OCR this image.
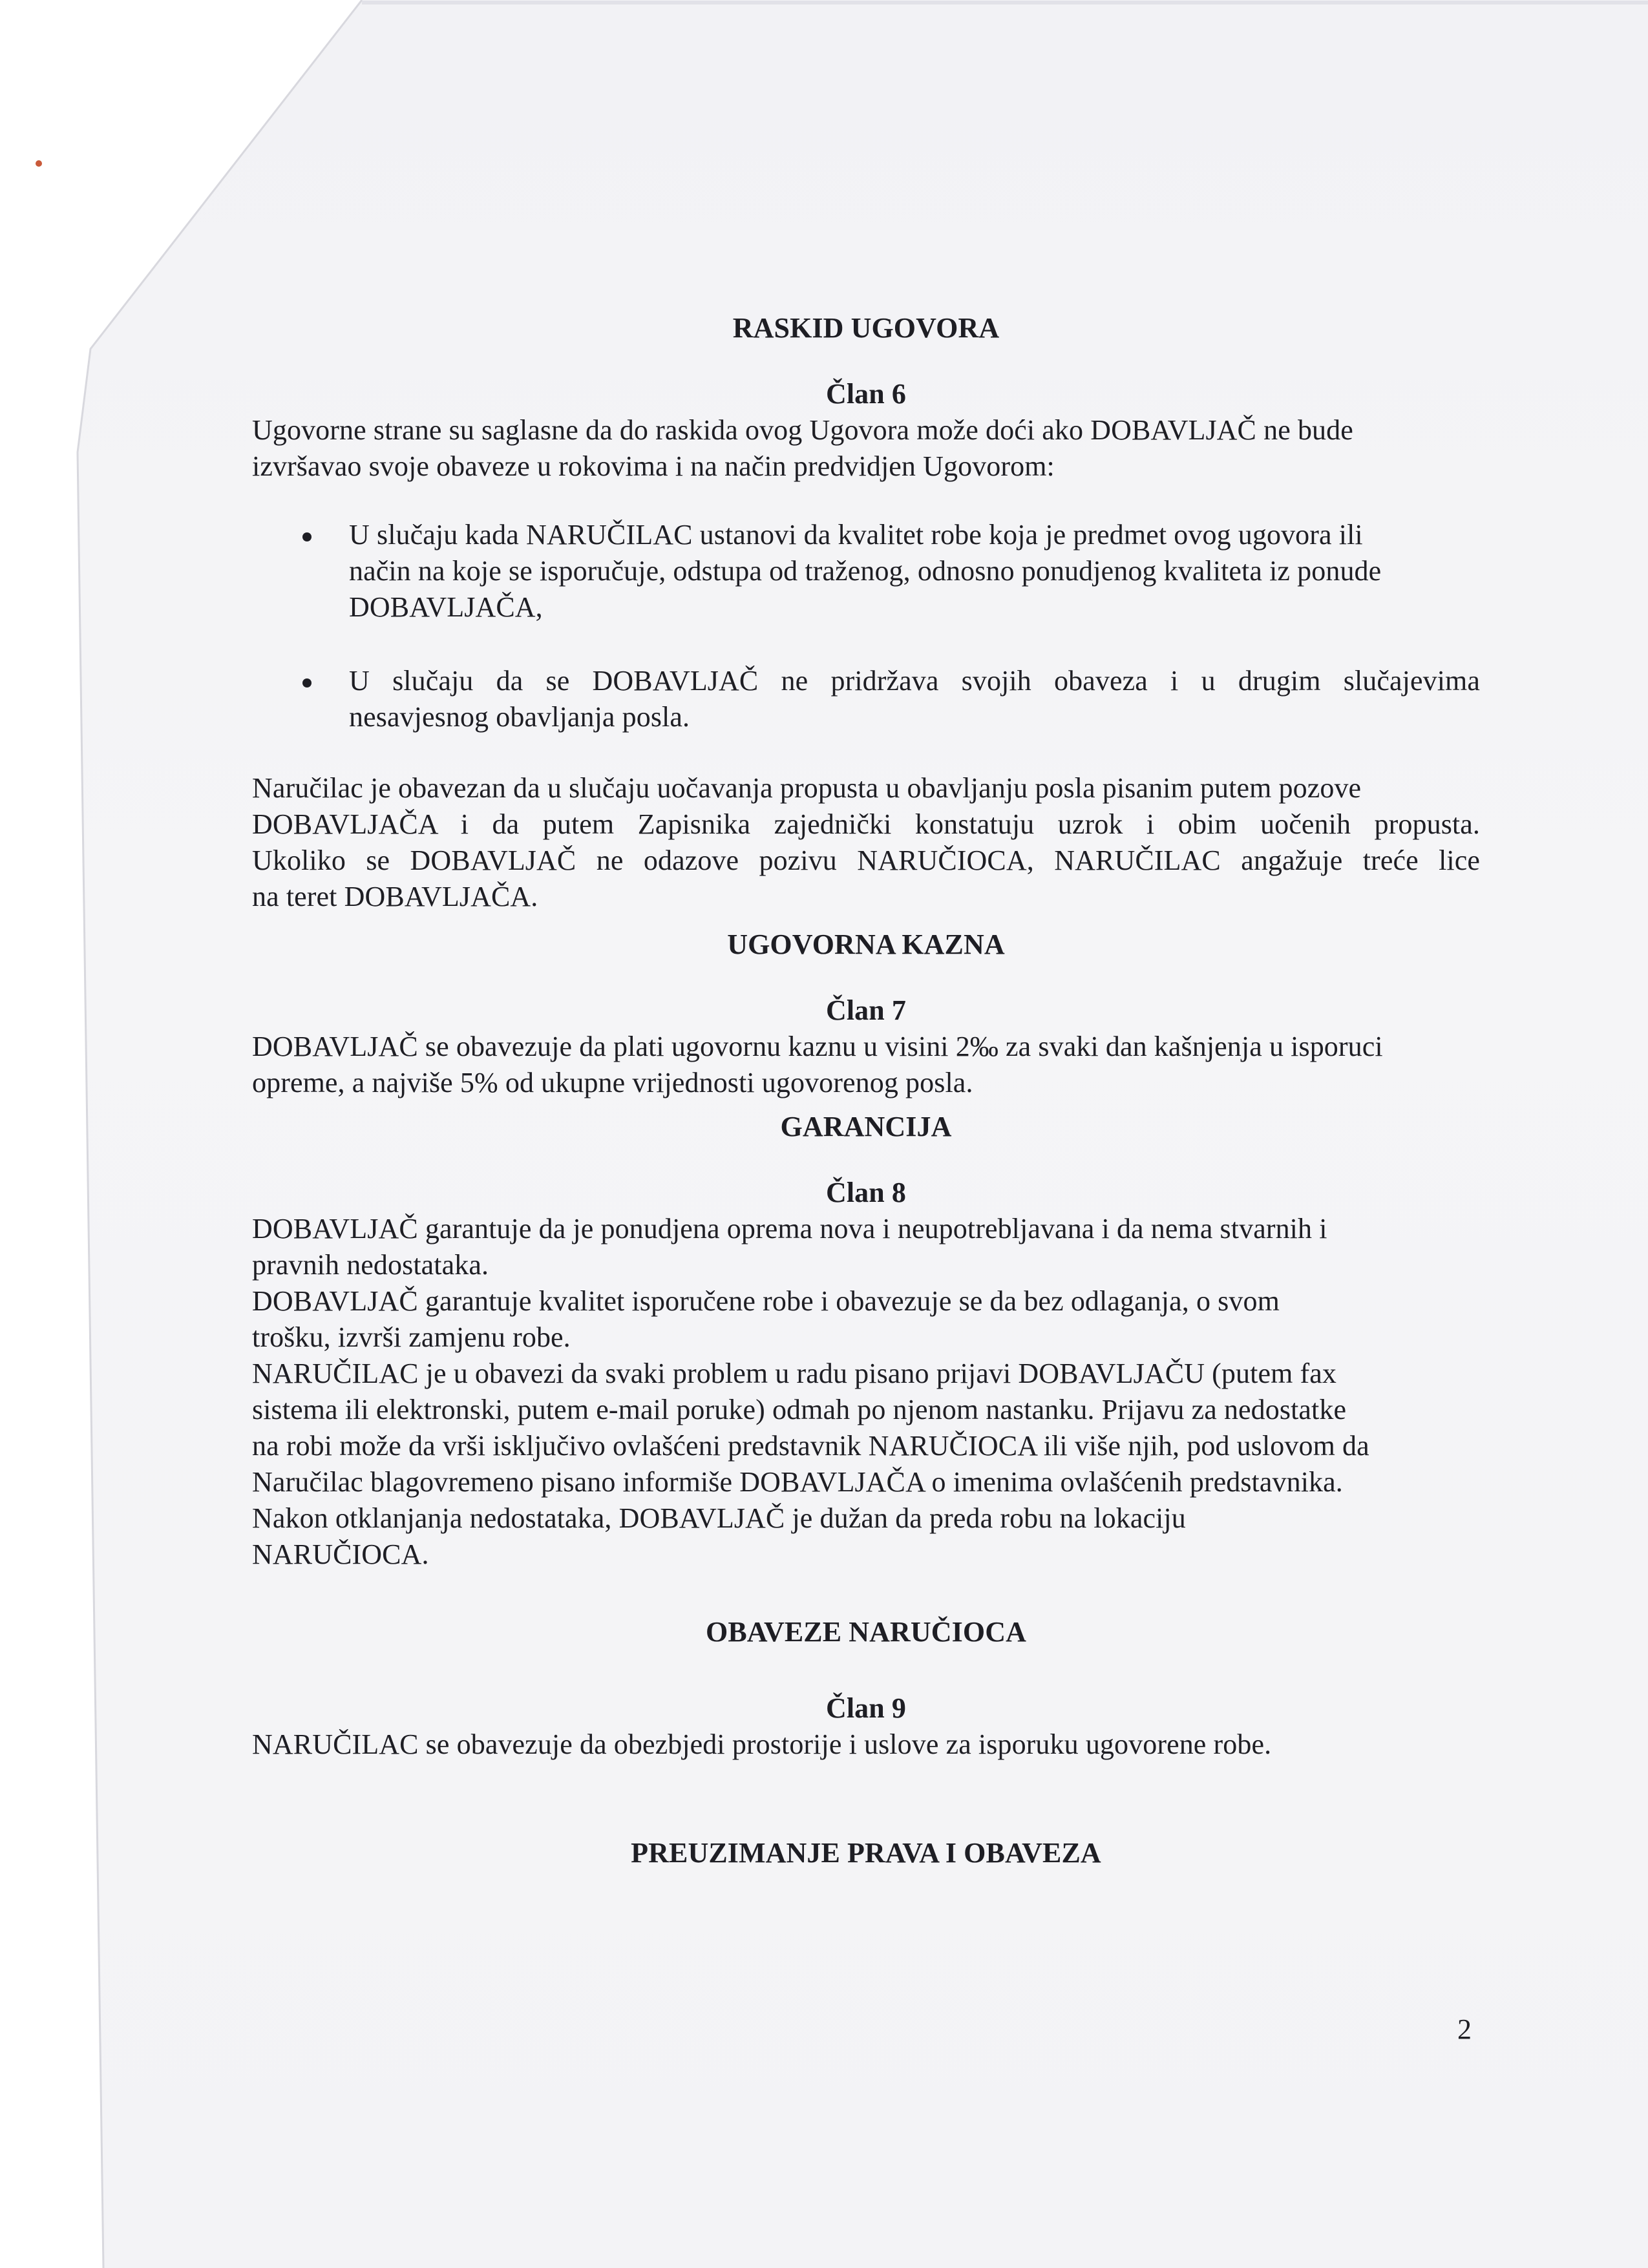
RASKID UGOVORA

Član 6

Ugovorne strane su saglasne da do raskida ovog Ugovora može doći ako DOBAVLJAČ ne bude
izvršavao svoje obaveze u rokovima i na način predvidjen Ugovorom:
U slučaju kada NARUČILAC ustanovi da kvalitet robe koja je predmet ovog ugovora ili
način na koje se isporučuje, odstupa od traženog, odnosno ponudjenog kvaliteta iz ponude
DOBAVLJAČA,
U slučaju da se DOBAVLJAČ ne pridržava svojih obaveza i u drugim slučajevima
nesavjesnog obavljanja posla.
Naručilac je obavezan da u slučaju uočavanja propusta u obavljanju posla pisanim putem pozove
DOBAVLJAČA i da putem Zapisnika zajednički konstatuju uzrok i obim uočenih propusta.
Ukoliko se DOBAVLJAČ ne odazove pozivu NARUČIOCA, NARUČILAC angažuje treće lice
na teret DOBAVLJAČA.

UGOVORNA KAZNA

Član 7

DOBAVLJAČ se obavezuje da plati ugovornu kaznu u visini 2‰ za svaki dan kašnjenja u isporuci
opreme, a najviše 5% od ukupne vrijednosti ugovorenog posla.

GARANCIJA

Član 8

DOBAVLJAČ garantuje da je ponudjena oprema nova i neupotrebljavana i da nema stvarnih i
pravnih nedostataka.
DOBAVLJAČ garantuje kvalitet isporučene robe i obavezuje se da bez odlaganja, o svom
trošku, izvrši zamjenu robe.
NARUČILAC je u obavezi da svaki problem u radu pisano prijavi DOBAVLJAČU (putem fax
sistema ili elektronski, putem e-mail poruke) odmah po njenom nastanku. Prijavu za nedostatke
na robi može da vrši isključivo ovlašćeni predstavnik NARUČIOCA ili više njih, pod uslovom da
Naručilac blagovremeno pisano informiše DOBAVLJAČA o imenima ovlašćenih predstavnika.
Nakon otklanjanja nedostataka, DOBAVLJAČ je dužan da preda robu na lokaciju
NARUČIOCA.

OBAVEZE NARUČIOCA

Član 9

NARUČILAC se obavezuje da obezbjedi prostorije i uslove za isporuku ugovorene robe.

PREUZIMANJE PRAVA I OBAVEZA

2
